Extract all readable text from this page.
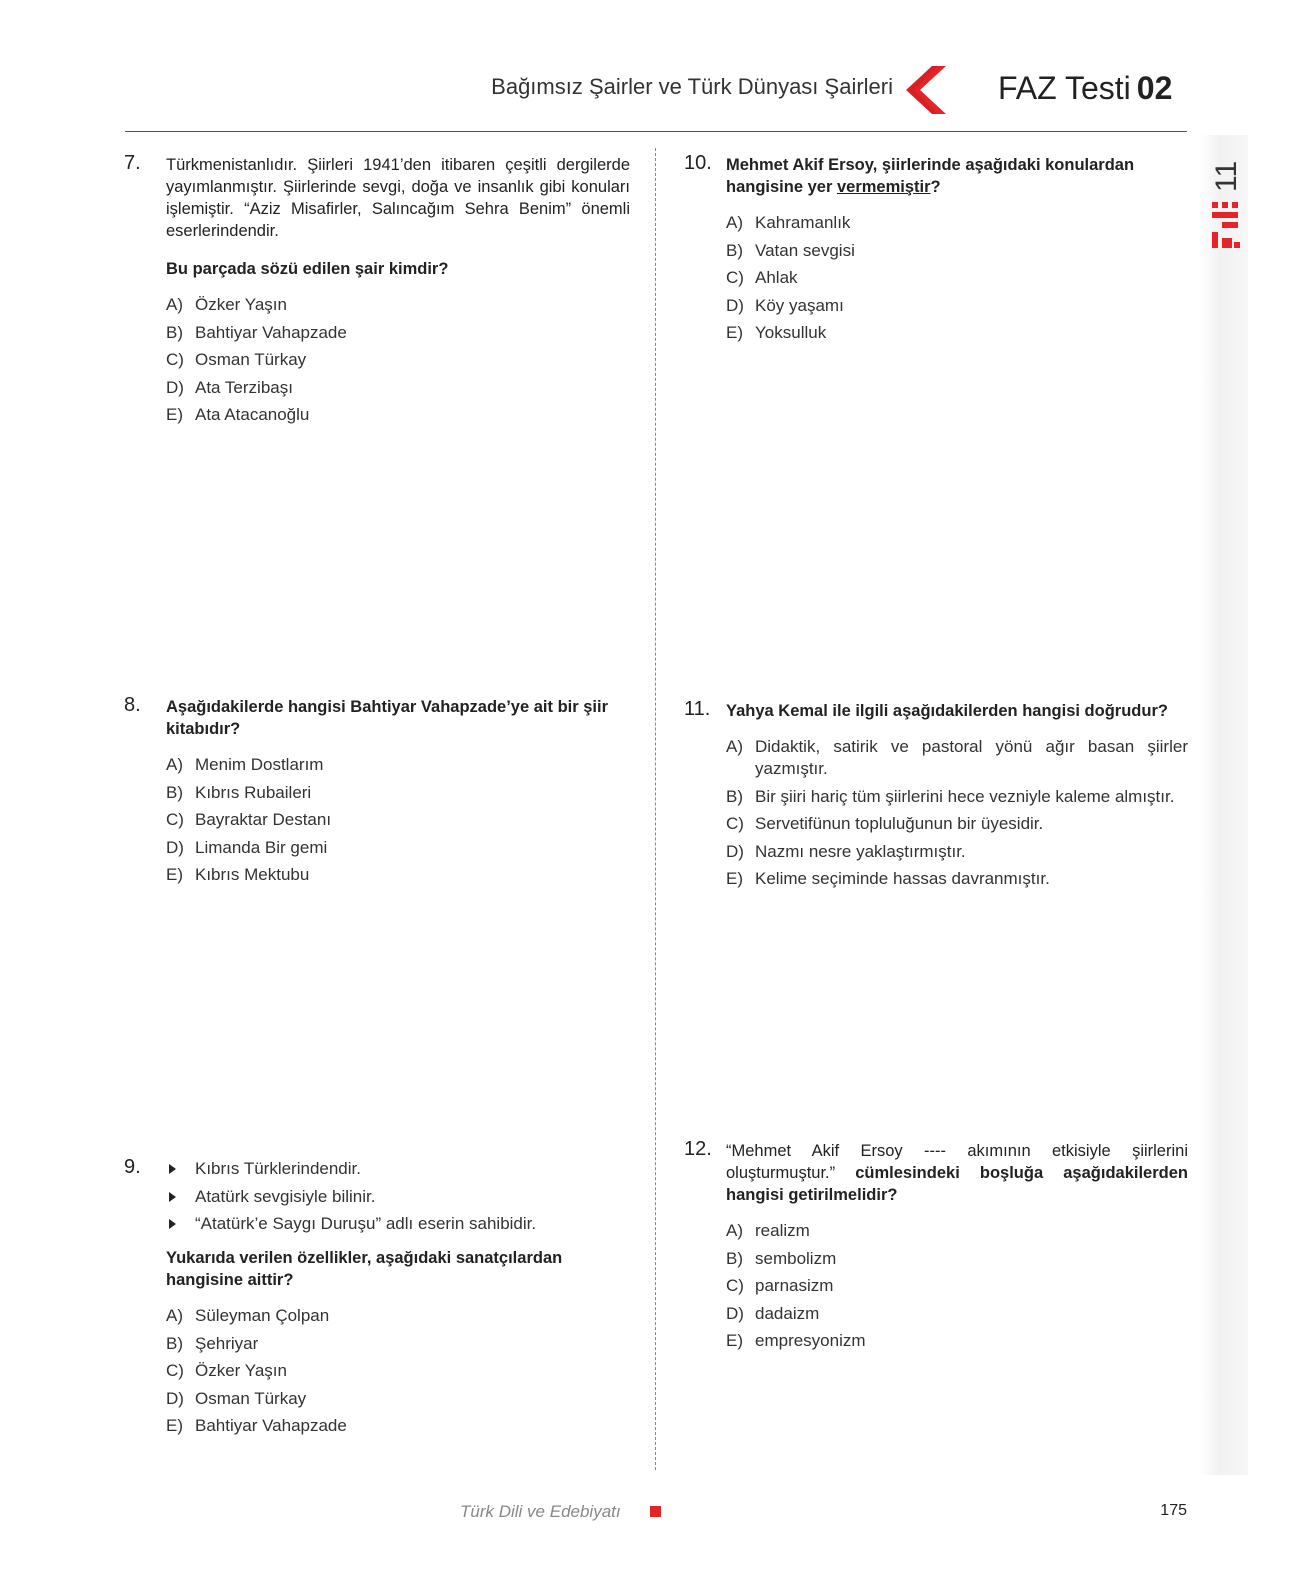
Bağımsız Şairler ve Türk Dünyası Şairleri	FAZ Testi 02
11
7. Türkmenistanlıdır. Şiirleri 1941’den itibaren çeşitli dergilerde yayımlanmıştır. Şiirlerinde sevgi, doğa ve insanlık gibi konuları işlemiştir. “Aziz Misafirler, Salıncağım Sehra Benim” önemli eserlerindendir.
Bu parçada sözü edilen şair kimdir?
A) Özker Yaşın
B) Bahtiyar Vahapzade
C) Osman Türkay
D) Ata Terzibaşı
E) Ata Atacanoğlu
8. Aşağıdakilerde hangisi Bahtiyar Vahapzade’ye ait bir şiir kitabıdır?
A) Menim Dostlarım
B) Kıbrıs Rubaileri
C) Bayraktar Destanı
D) Limanda Bir gemi
E) Kıbrıs Mektubu
9.	Kıbrıs Türklerindendir.
Atatürk sevgisiyle bilinir.
“Atatürk’e Saygı Duruşu” adlı eserin sahibidir.
Yukarıda verilen özellikler, aşağıdaki sanatçılardan hangisine aittir?
A) Süleyman Çolpan
B) Şehriyar
C) Özker Yaşın
D) Osman Türkay
E) Bahtiyar Vahapzade
10. Mehmet Akif Ersoy, şiirlerinde aşağıdaki konulardan hangisine yer vermemiştir?
A) Kahramanlık
B) Vatan sevgisi
C) Ahlak
D) Köy yaşamı
E) Yoksulluk
11. Yahya Kemal ile ilgili aşağıdakilerden hangisi doğrudur?
A) Didaktik, satirik ve pastoral yönü ağır basan şiirler yazmıştır.
B) Bir şiiri hariç tüm şiirlerini hece vezniyle kaleme almıştır.
C) Servetifünun topluluğunun bir üyesidir.
D) Nazmı nesre yaklaştırmıştır.
E) Kelime seçiminde hassas davranmıştır.
12. “Mehmet Akif Ersoy ---- akımının etkisiyle şiirlerini oluşturmuştur.” cümlesindeki boşluğa aşağıdakilerden hangisi getirilmelidir?
A) realizm
B) sembolizm
C) parnasizm
D) dadaizm
E) empresyonizm
Türk Dili ve Edebiyatı	175
